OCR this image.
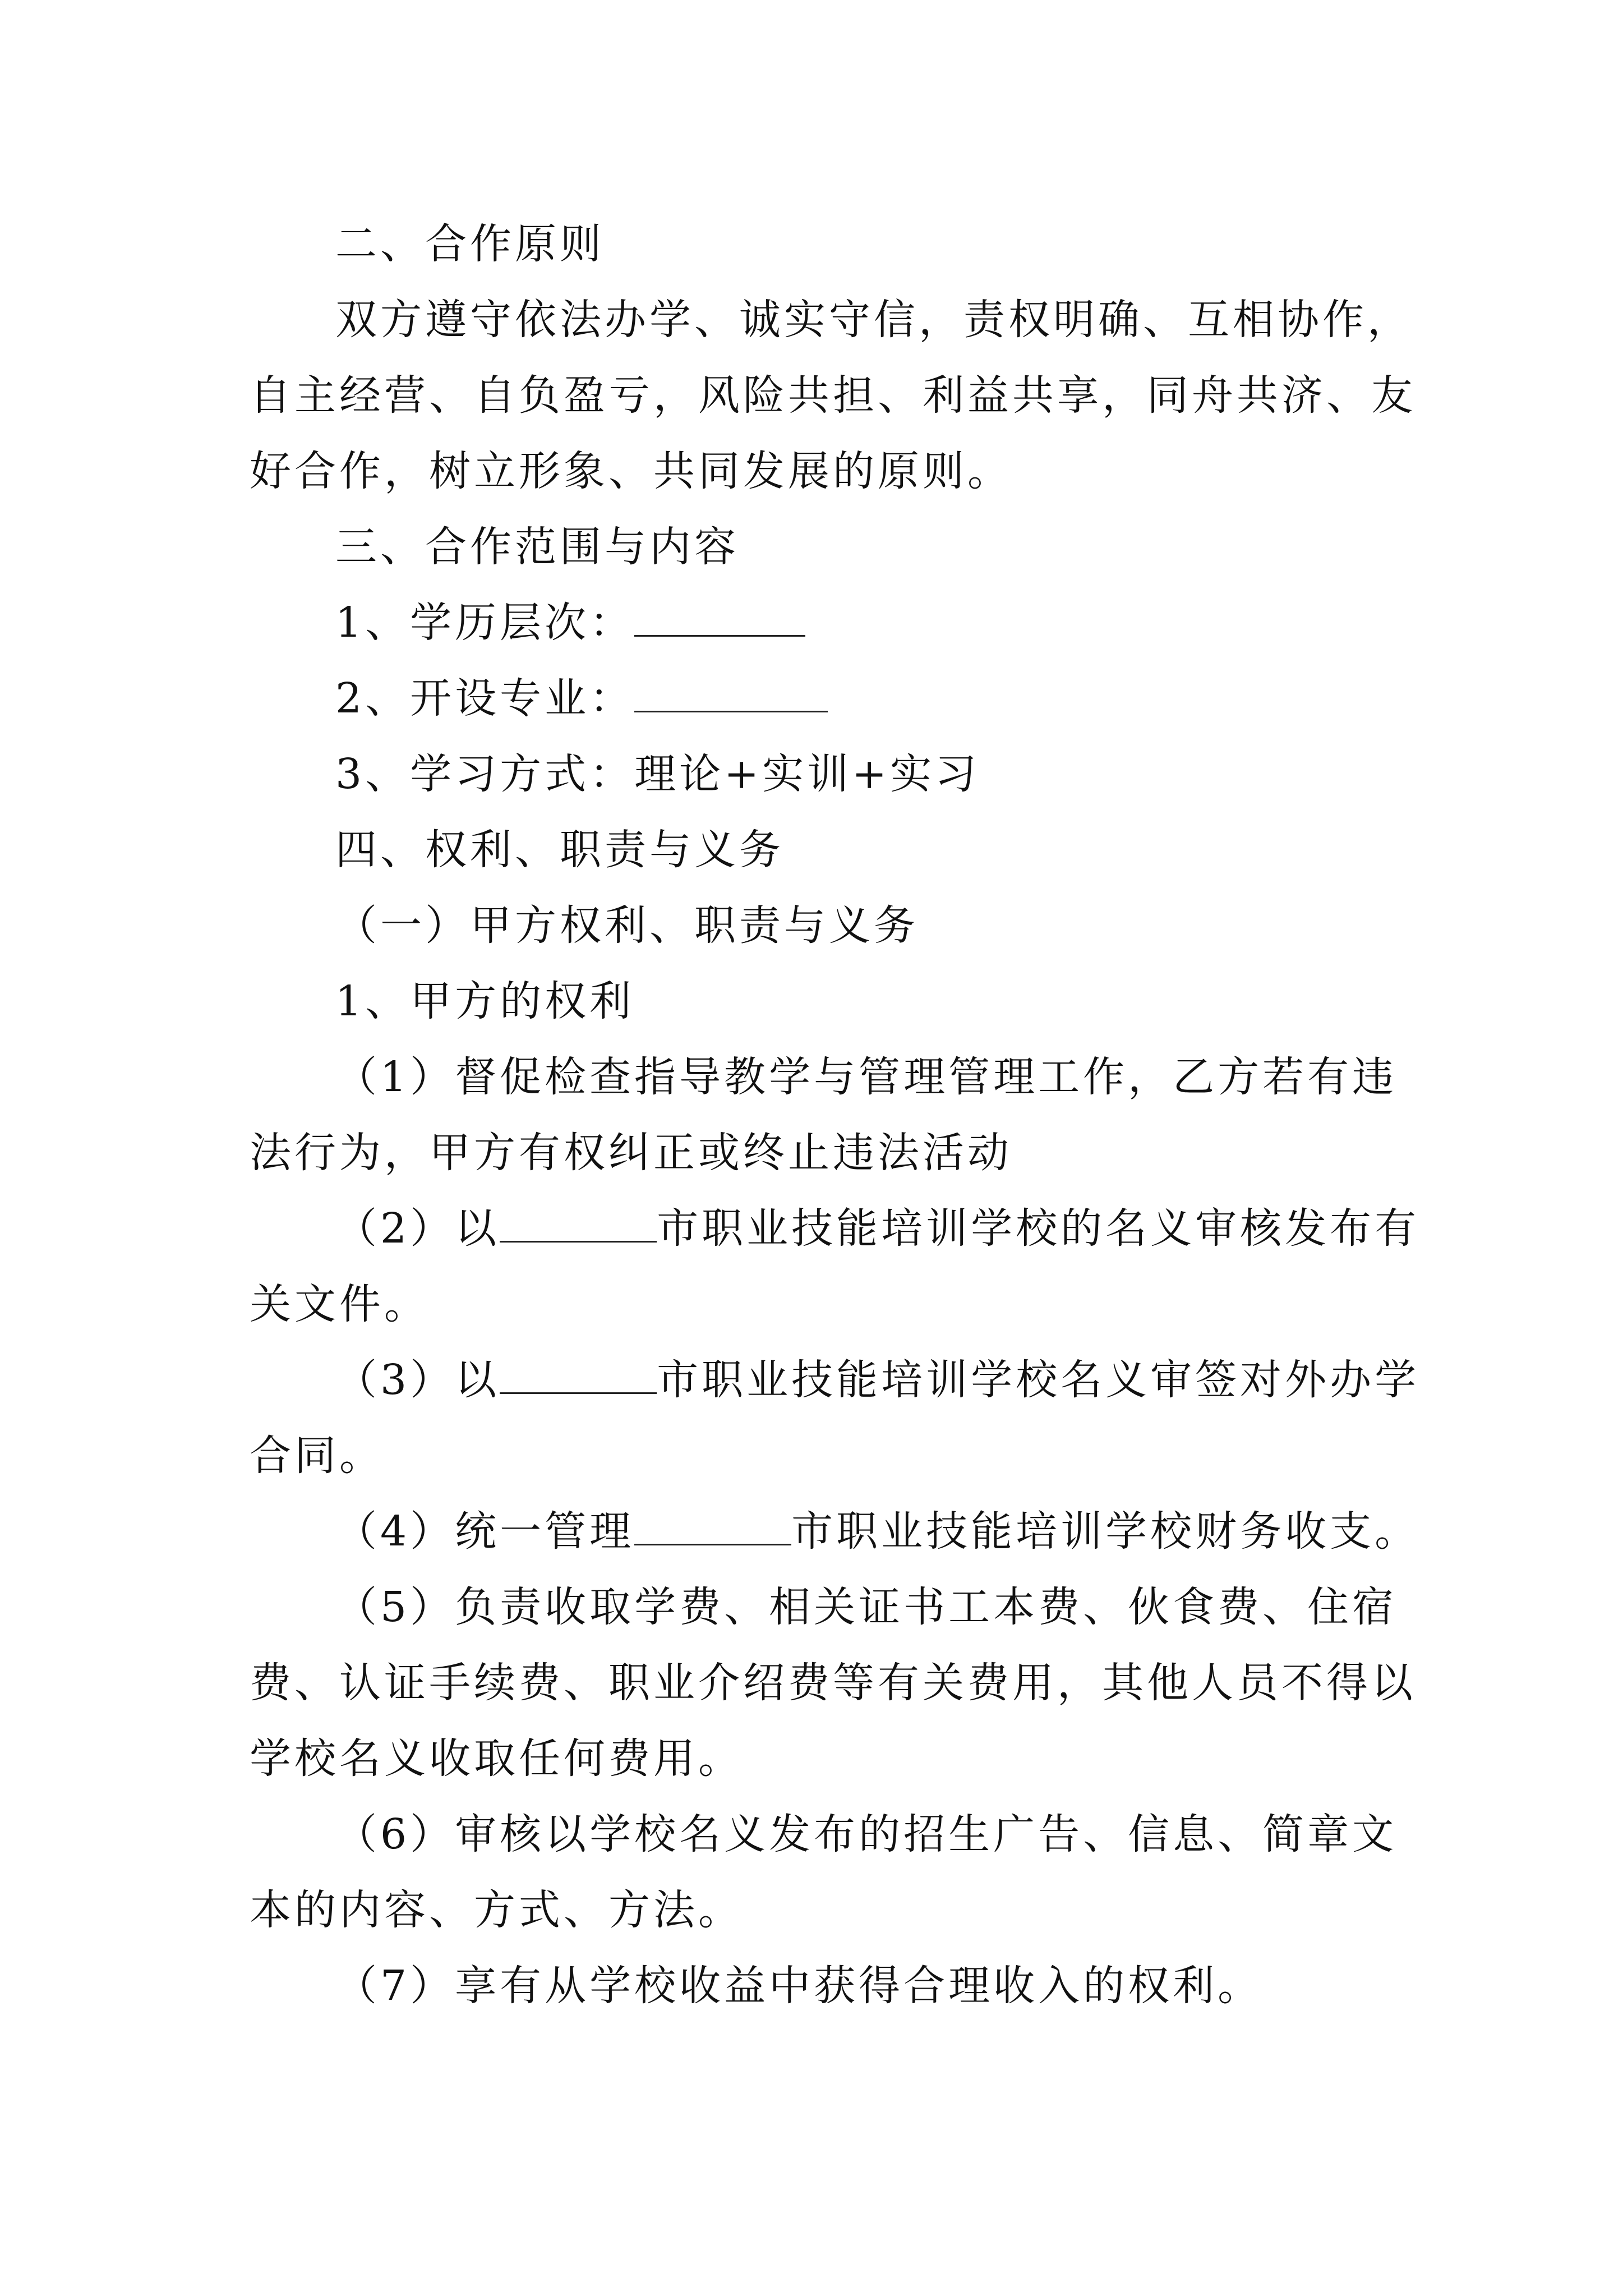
二、合作原则
双方遵守依法办学、诚实守信，责权明确、互相协作，
自主经营、自负盈亏，风险共担、利益共享，同舟共济、友
好合作，树立形象、共同发展的原则。
三、合作范围与内容
1、学历层次：
2、开设专业：
3、学习方式：理论+实训+实习
四、权利、职责与义务
（一）甲方权利、职责与义务
1、甲方的权利
（1）督促检查指导教学与管理管理工作，乙方若有违
法行为，甲方有权纠正或终止违法活动
（2）以	市职业技能培训学校的名义审核发布有
关文件。
（3）以	市职业技能培训学校名义审签对外办学
合同。
（4）统一管理	市职业技能培训学校财务收支。
（5）负责收取学费、相关证书工本费、伙食费、住宿
费、认证手续费、职业介绍费等有关费用，其他人员不得以
学校名义收取任何费用。
（6）审核以学校名义发布的招生广告、信息、简章文
本的内容、方式、方法。
（7）享有从学校收益中获得合理收入的权利。
